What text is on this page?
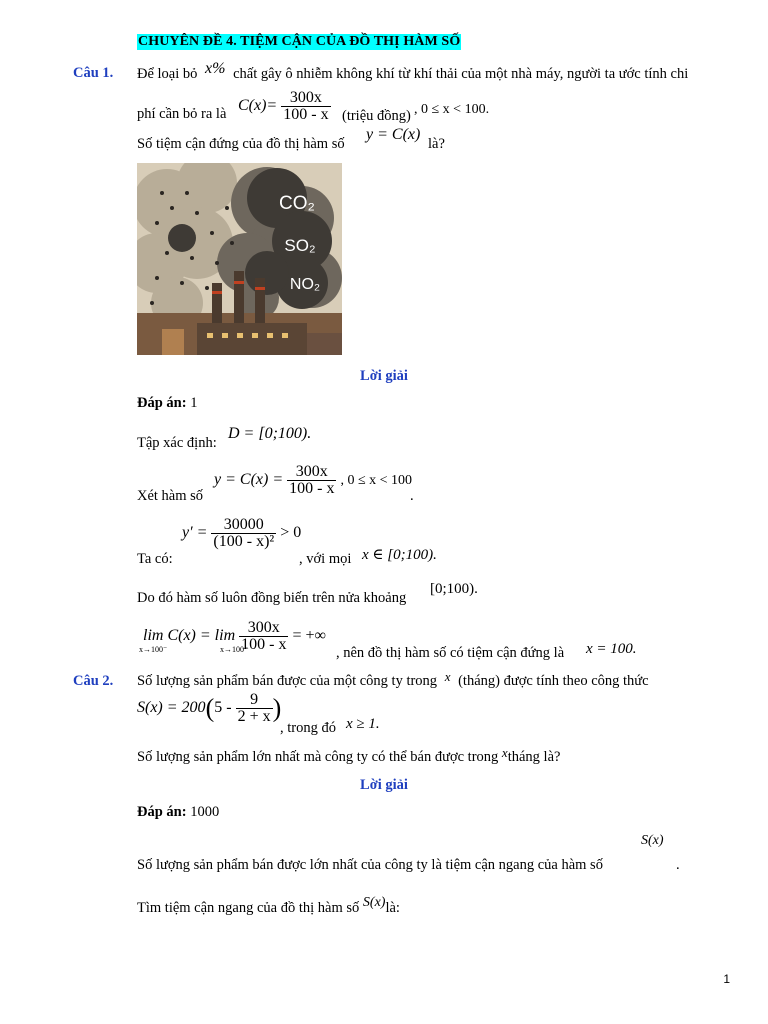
CHUYÊN ĐỀ 4. TIỆM CẬN CỦA ĐỒ THỊ HÀM SỐ
Câu 1. Để loại bỏ x% chất gây ô nhiễm không khí từ khí thải của một nhà máy, người ta ước tính chi
phí cần bỏ ra là $C(x)= \frac{300x}{100 - x}$ (triệu đồng) , 0 ≤ x < 100.
Số tiệm cận đứng của đồ thị hàm số
y = C(x)
là?
CO₂
SO₂
NO₂
Lời giải
Đáp án: 1
Tập xác định:
D = [0;100).
Xét hàm số
$y = C(x) = \frac{300x}{100 - x}$ , 0 ≤ x < 100
.
Ta có:
$y' = \frac{30000}{\text{(100 - x)²}} > 0$
, với mọi x ∈ [0;100).
Do đó hàm số luôn đồng biến trên nửa khoảng
[0;100).
$\lim C(x) = \lim \frac{300x}{100 - x}$ = +∞
x→100⁻	x→100⁻	, nên đồ thị hàm số có tiệm cận đứng là x = 100.
Câu 2. Số lượng sản phẩm bán được của một công ty trong x (tháng) được tính theo công thức
$S(x) = 200(5 - \frac{9}{2 + x}$ )
, trong đó x ≥ 1.
Số lượng sản phẩm lớn nhất mà công ty có thể bán được trong xtháng là?
Lời giải
Đáp án: 1000
S(x)
Số lượng sản phẩm bán được lớn nhất của công ty là tiệm cận ngang của hàm số	.
Tìm tiệm cận ngang của đồ thị hàm số S(x)là:
1
